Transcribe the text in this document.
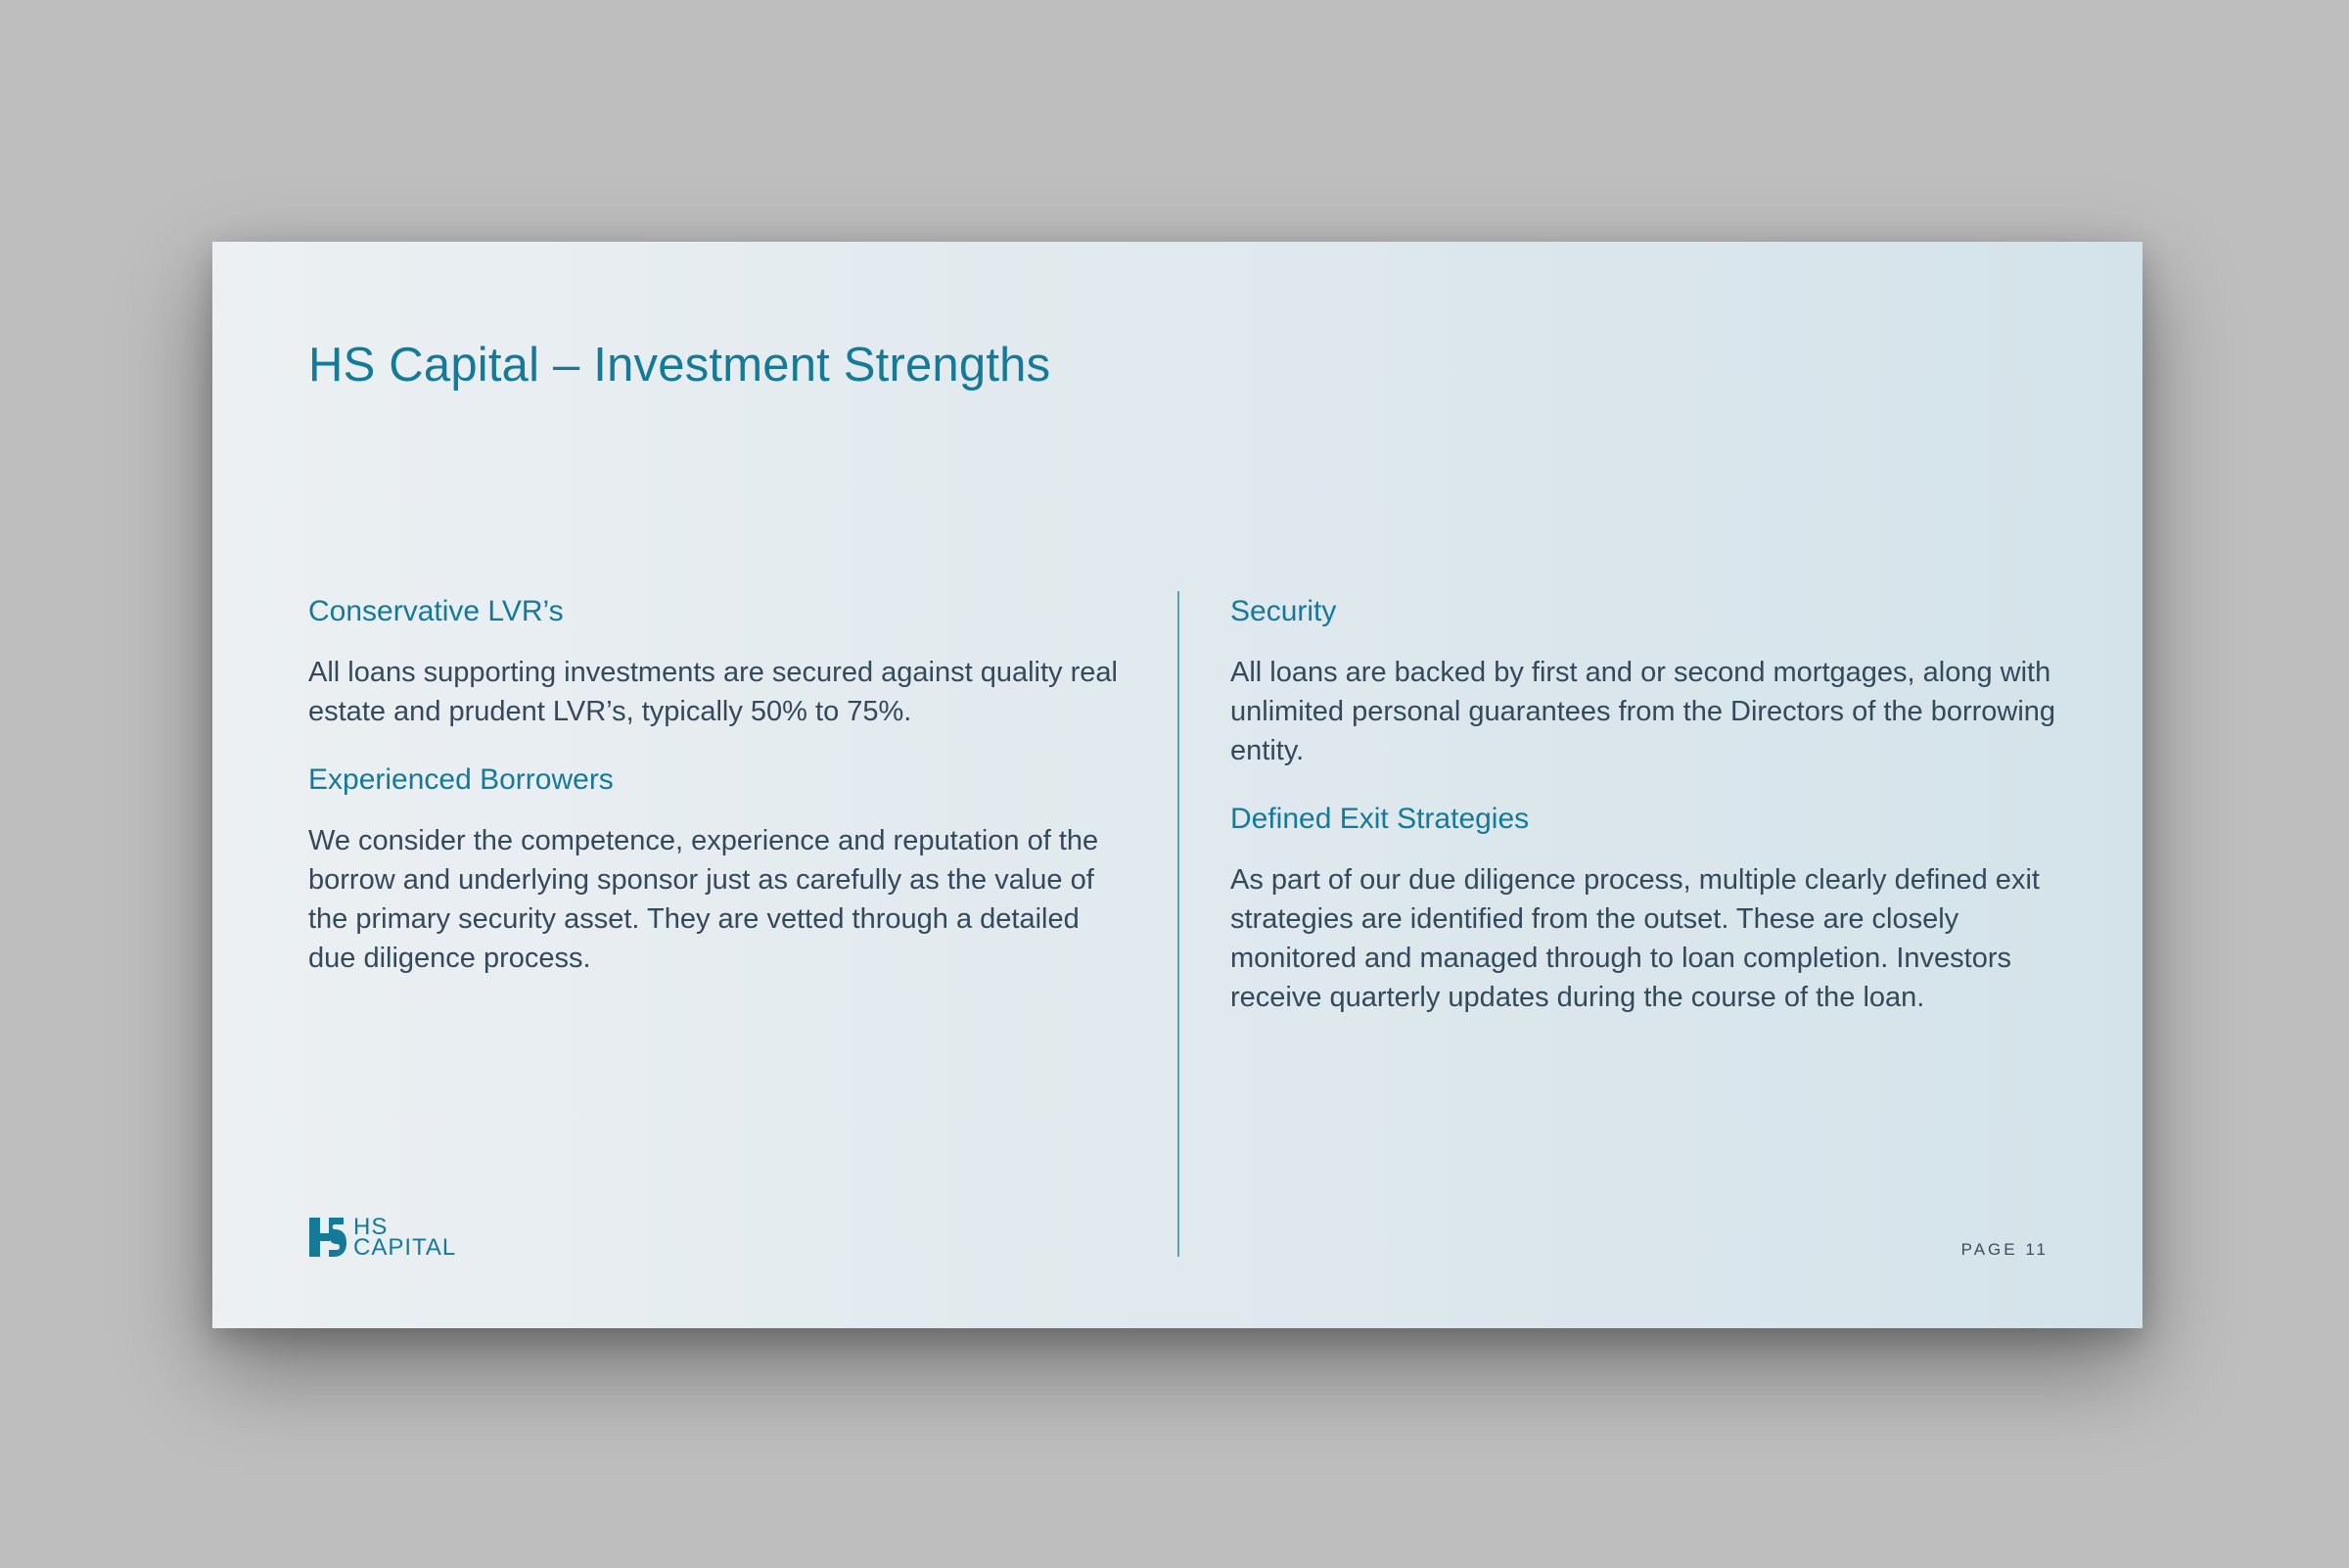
HS Capital – Investment Strengths
Conservative LVR’s

All loans supporting investments are secured against quality real estate and prudent LVR’s, typically 50% to 75%.

Experienced Borrowers

We consider the competence, experience and reputation of the borrow and underlying sponsor just as carefully as the value of the primary security asset. They are vetted through a detailed due diligence process.

Security

All loans are backed by first and or second mortgages, along with unlimited personal guarantees from the Directors of the borrowing entity.

Defined Exit Strategies

As part of our due diligence process, multiple clearly defined exit strategies are identified from the outset. These are closely monitored and managed through to loan completion. Investors receive quarterly updates during the course of the loan.

HS
CAPITAL	PAGE 11
